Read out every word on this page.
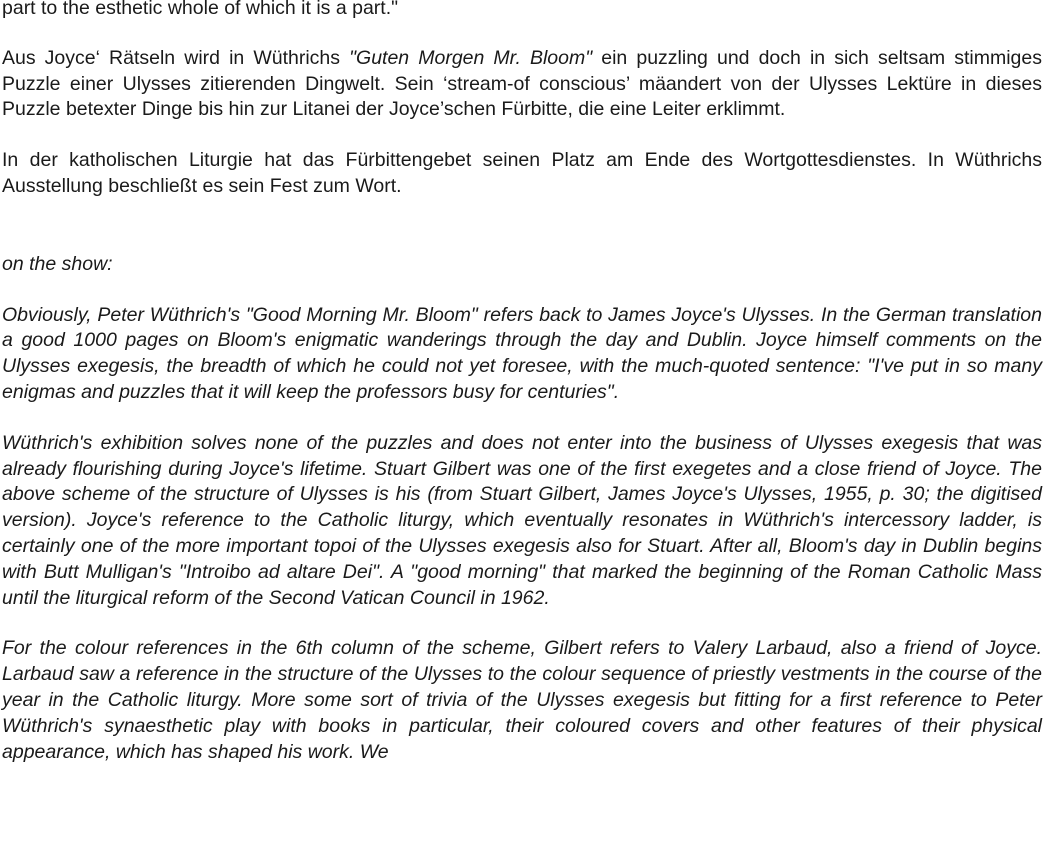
part to the esthetic whole of which it is a part."

Aus Joyce‘ Rätseln wird in Wüthrichs "Guten Morgen Mr. Bloom" ein puzzling und doch in sich seltsam stimmiges Puzzle einer Ulysses zitierenden Dingwelt. Sein ‘stream-of conscious’ mäandert von der Ulysses Lektüre in dieses Puzzle betexter Dinge bis hin zur Litanei der Joyce’schen Fürbitte, die eine Leiter erklimmt.

In der katholischen Liturgie hat das Fürbittengebet seinen Platz am Ende des Wortgottesdienstes. In Wüthrichs Ausstellung beschließt es sein Fest zum Wort.

on the show:

Obviously, Peter Wüthrich's "Good Morning Mr. Bloom" refers back to James Joyce's Ulysses. In the German translation a good 1000 pages on Bloom's enigmatic wanderings through the day and Dublin. Joyce himself comments on the Ulysses exegesis, the breadth of which he could not yet foresee, with the much-quoted sentence: "I've put in so many enigmas and puzzles that it will keep the professors busy for centuries".

Wüthrich's exhibition solves none of the puzzles and does not enter into the business of Ulysses exegesis that was already flourishing during Joyce's lifetime. Stuart Gilbert was one of the first exegetes and a close friend of Joyce. The above scheme of the structure of Ulysses is his (from Stuart Gilbert, James Joyce's Ulysses, 1955, p. 30; the digitised version). Joyce's reference to the Catholic liturgy, which eventually resonates in Wüthrich's intercessory ladder, is certainly one of the more important topoi of the Ulysses exegesis also for Stuart. After all, Bloom's day in Dublin begins with Butt Mulligan's "Introibo ad altare Dei". A "good morning" that marked the beginning of the Roman Catholic Mass until the liturgical reform of the Second Vatican Council in 1962.

For the colour references in the 6th column of the scheme, Gilbert refers to Valery Larbaud, also a friend of Joyce. Larbaud saw a reference in the structure of the Ulysses to the colour sequence of priestly vestments in the course of the year in the Catholic liturgy. More some sort of trivia of the Ulysses exegesis but fitting for a first reference to Peter Wüthrich's synaesthetic play with books in particular, their coloured covers and other features of their physical appearance, which has shaped his work. We
